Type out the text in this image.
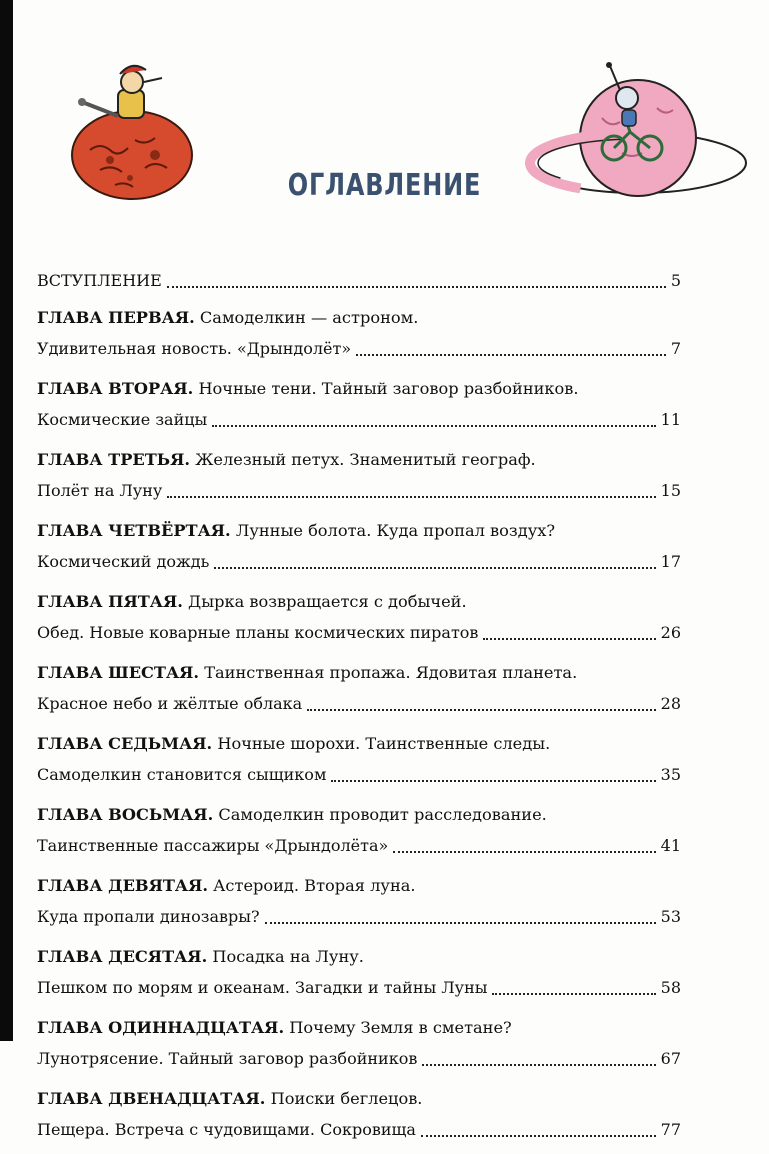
ОГЛАВЛЕНИЕ
ВСТУПЛЕНИЕ	5
ГЛАВА ПЕРВАЯ.
Самоделкин — астроном.
Удивительная новость. «Дрындолёт»	7
ГЛАВА ВТОРАЯ.
Ночные тени. Тайный заговор разбойников.
Космические зайцы	11
ГЛАВА ТРЕТЬЯ.
Железный петух. Знаменитый географ.
Полёт на Луну	15
ГЛАВА ЧЕТВЁРТАЯ.
Лунные болота. Куда пропал воздух?
Космический дождь	17
ГЛАВА ПЯТАЯ.
Дырка возвращается с добычей.
Обед. Новые коварные планы космических пиратов	26
ГЛАВА ШЕСТАЯ.
Таинственная пропажа. Ядовитая планета.
Красное небо и жёлтые облака	28
ГЛАВА СЕДЬМАЯ.
Ночные шорохи. Таинственные следы.
Самоделкин становится сыщиком	35
ГЛАВА ВОСЬМАЯ.
Самоделкин проводит расследование.
Таинственные пассажиры «Дрындолёта»	41
ГЛАВА ДЕВЯТАЯ.
Астероид. Вторая луна.
Куда пропали динозавры?	53
ГЛАВА ДЕСЯТАЯ.
Посадка на Луну.
Пешком по морям и океанам. Загадки и тайны Луны	58
ГЛАВА ОДИННАДЦАТАЯ.
Почему Земля в сметане?
Лунотрясение. Тайный заговор разбойников	67
ГЛАВА ДВЕНАДЦАТАЯ.
Поиски беглецов.
Пещера. Встреча с чудовищами. Сокровища	77
